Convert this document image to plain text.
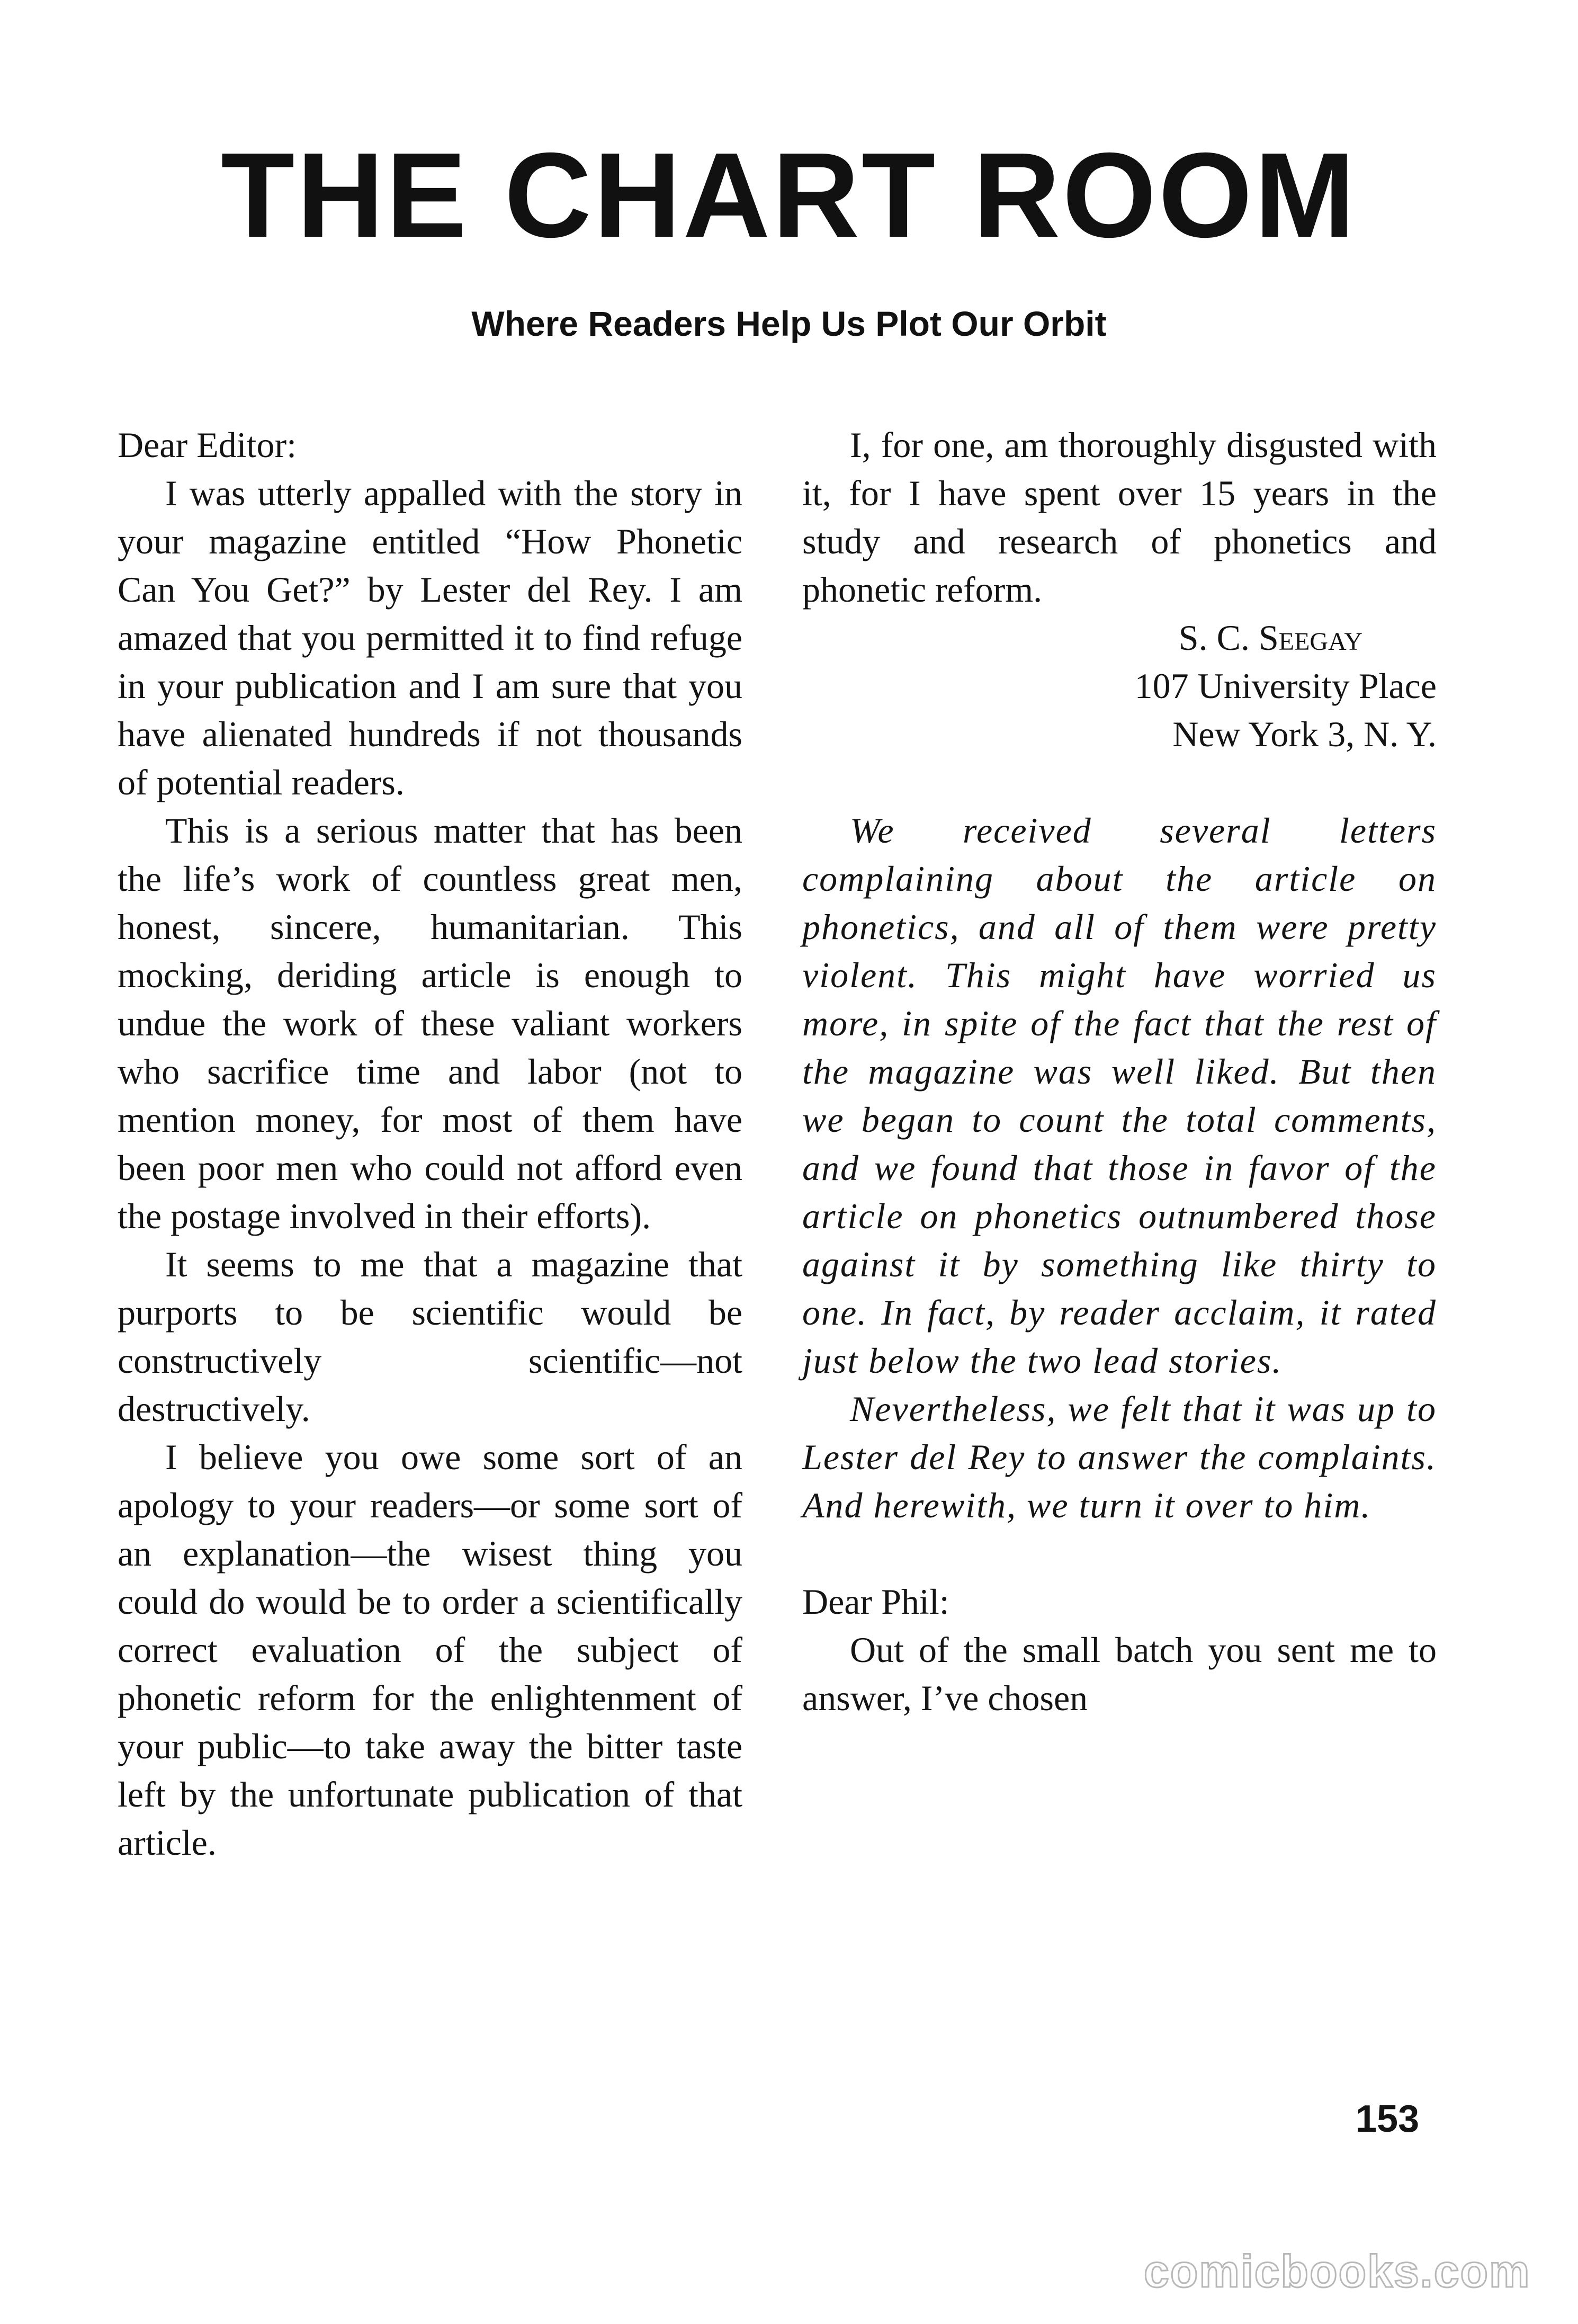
THE CHART ROOM
Where Readers Help Us Plot Our Orbit

Dear Editor:

I was utterly appalled with the story in your magazine entitled “How Phonetic Can You Get?” by Lester del Rey. I am amazed that you permitted it to find refuge in your publication and I am sure that you have alienated hundreds if not thousands of potential readers.

This is a serious matter that has been the life’s work of countless great men, honest, sincere, humanitarian. This mocking, deriding article is enough to undue the work of these valiant workers who sacrifice time and labor (not to mention money, for most of them have been poor men who could not afford even the postage involved in their efforts).

It seems to me that a magazine that purports to be scientific would be constructively scientific—not destructively.

I believe you owe some sort of an apology to your readers—or some sort of an explanation—the wisest thing you could do would be to order a scientifically correct evaluation of the subject of phonetic reform for the enlightenment of your public—to take away the bitter taste left by the unfortunate publication of that article.

I, for one, am thoroughly disgusted with it, for I have spent over 15 years in the study and research of phonetics and phonetic reform.

S. C. Seegay

107 University Place

New York 3, N. Y.

We received several letters complaining about the article on phonetics, and all of them were pretty violent. This might have worried us more, in spite of the fact that the rest of the magazine was well liked. But then we began to count the total comments, and we found that those in favor of the article on phonetics outnumbered those against it by something like thirty to one. In fact, by reader acclaim, it rated just below the two lead stories.

Nevertheless, we felt that it was up to Lester del Rey to answer the complaints. And herewith, we turn it over to him.

Dear Phil:

Out of the small batch you sent me to answer, I’ve chosen

153
comicbooks.com
